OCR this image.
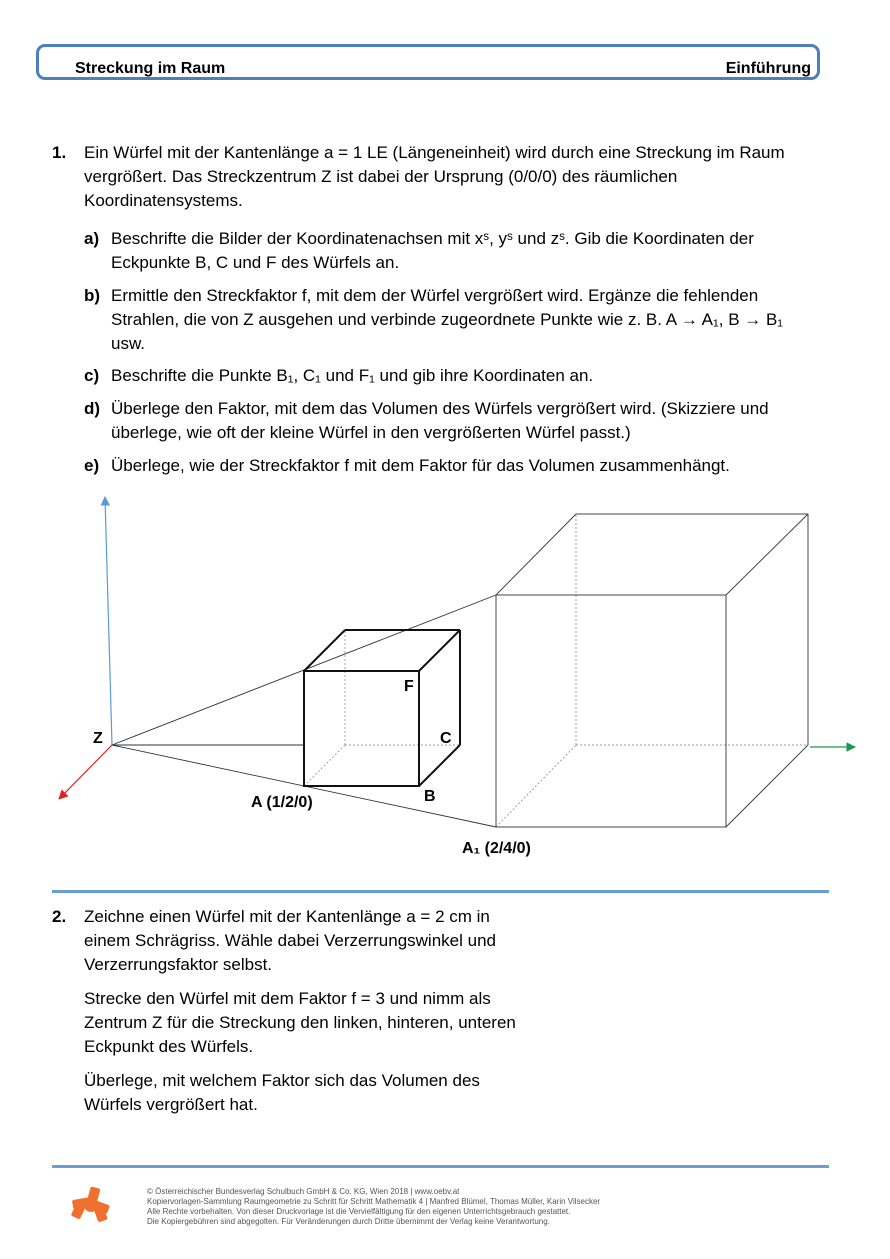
Streckung im Raum	Einführung
1. Ein Würfel mit der Kantenlänge a = 1 LE (Längeneinheit) wird durch eine Streckung im Raum vergrößert. Das Streckzentrum Z ist dabei der Ursprung (0/0/0) des räumlichen Koordinatensystems.

a) Beschrifte die Bilder der Koordinatenachsen mit xˢ, yˢ und zˢ. Gib die Koordinaten der

Eckpunkte B, C und F des Würfels an.

b) Ermittle den Streckfaktor f, mit dem der Würfel vergrößert wird. Ergänze die fehlenden

Strahlen, die von Z ausgehen und verbinde zugeordnete Punkte wie z. B. A → A₁, B → B₁

usw.

c) Beschrifte die Punkte B₁, C₁ und F₁ und gib ihre Koordinaten an.

d) Überlege den Faktor, mit dem das Volumen des Würfels vergrößert wird. (Skizziere und

überlege, wie oft der kleine Würfel in den vergrößerten Würfel passt.)

e) Überlege, wie der Streckfaktor f mit dem Faktor für das Volumen zusammenhängt.

Z
F
C
B
A (1/2/0)
A₁ (2/4/0)
2. Zeichne einen Würfel mit der Kantenlänge a = 2 cm in

einem Schrägriss. Wähle dabei Verzerrungswinkel und

Verzerrungsfaktor selbst.

Strecke den Würfel mit dem Faktor f = 3 und nimm als

Zentrum Z für die Streckung den linken, hinteren, unteren

Eckpunkt des Würfels.

Überlege, mit welchem Faktor sich das Volumen des

Würfels vergrößert hat.

© Österreichischer Bundesverlag Schulbuch GmbH & Co. KG, Wien 2018 | www.oebv.at
Kopiervorlagen-Sammlung Raumgeometrie zu Schritt für Schritt Mathematik 4 | Manfred Blümel, Thomas Müller, Karin Vilsecker
Alle Rechte vorbehalten. Von dieser Druckvorlage ist die Vervielfältigung für den eigenen Unterrichtsgebrauch gestattet.
Die Kopiergebühren sind abgegolten. Für Veränderungen durch Dritte übernimmt der Verlag keine Verantwortung.
